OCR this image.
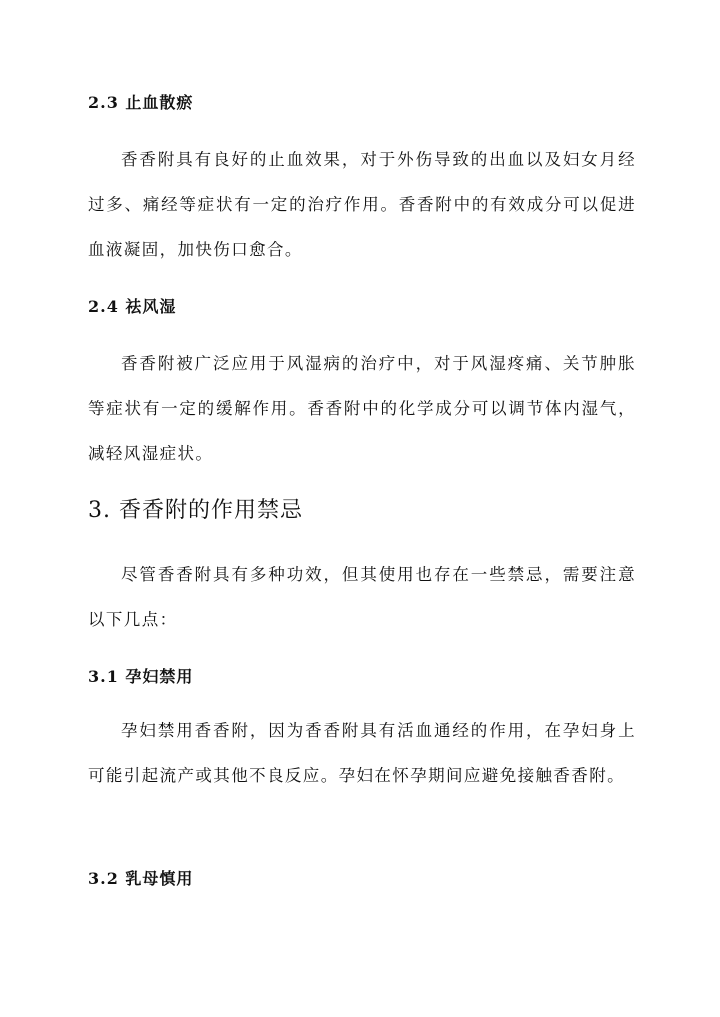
2.3 止血散瘀

香香附具有良好的止血效果，对于外伤导致的出血以及妇女月经过多、痛经等症状有一定的治疗作用。香香附中的有效成分可以促进血液凝固，加快伤口愈合。

2.4 祛风湿

香香附被广泛应用于风湿病的治疗中，对于风湿疼痛、关节肿胀等症状有一定的缓解作用。香香附中的化学成分可以调节体内湿气，减轻风湿症状。

3. 香香附的作用禁忌

尽管香香附具有多种功效，但其使用也存在一些禁忌，需要注意以下几点：

3.1 孕妇禁用

孕妇禁用香香附，因为香香附具有活血通经的作用，在孕妇身上可能引起流产或其他不良反应。孕妇在怀孕期间应避免接触香香附。

3.2 乳母慎用
